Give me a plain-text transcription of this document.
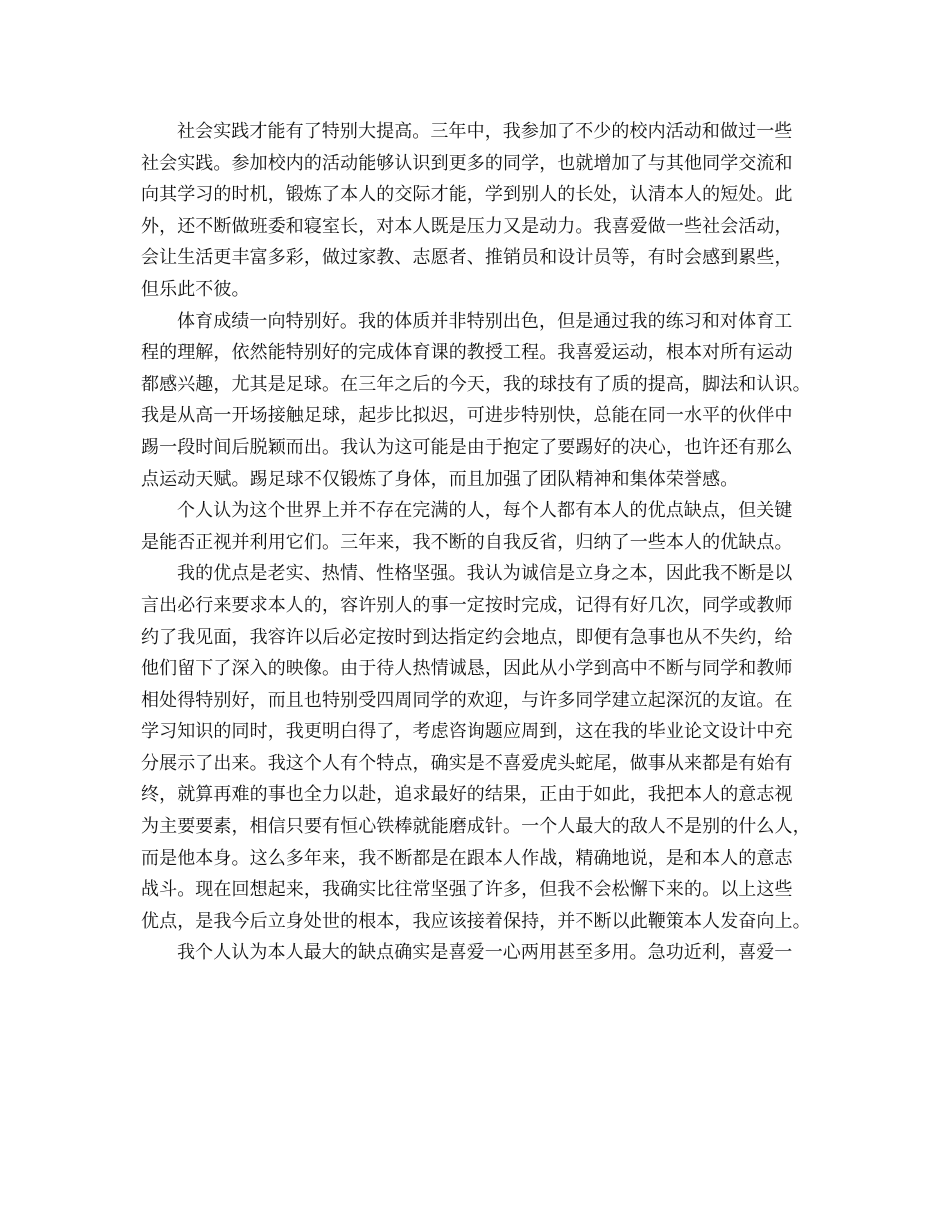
社会实践才能有了特别大提高。三年中，我参加了不少的校内活动和做过一些
社会实践。参加校内的活动能够认识到更多的同学，也就增加了与其他同学交流和
向其学习的时机，锻炼了本人的交际才能，学到别人的长处，认清本人的短处。此
外，还不断做班委和寝室长，对本人既是压力又是动力。我喜爱做一些社会活动，
会让生活更丰富多彩，做过家教、志愿者、推销员和设计员等，有时会感到累些，
但乐此不彼。
体育成绩一向特别好。我的体质并非特别出色，但是通过我的练习和对体育工
程的理解，依然能特别好的完成体育课的教授工程。我喜爱运动，根本对所有运动
都感兴趣，尤其是足球。在三年之后的今天，我的球技有了质的提高，脚法和认识。
我是从高一开场接触足球，起步比拟迟，可进步特别快，总能在同一水平的伙伴中
踢一段时间后脱颖而出。我认为这可能是由于抱定了要踢好的决心，也许还有那么
点运动天赋。踢足球不仅锻炼了身体，而且加强了团队精神和集体荣誉感。
个人认为这个世界上并不存在完满的人，每个人都有本人的优点缺点，但关键
是能否正视并利用它们。三年来，我不断的自我反省，归纳了一些本人的优缺点。
我的优点是老实、热情、性格坚强。我认为诚信是立身之本，因此我不断是以
言出必行来要求本人的，容许别人的事一定按时完成，记得有好几次，同学或教师
约了我见面，我容许以后必定按时到达指定约会地点，即便有急事也从不失约，给
他们留下了深入的映像。由于待人热情诚恳，因此从小学到高中不断与同学和教师
相处得特别好，而且也特别受四周同学的欢迎，与许多同学建立起深沉的友谊。在
学习知识的同时，我更明白得了，考虑咨询题应周到，这在我的毕业论文设计中充
分展示了出来。我这个人有个特点，确实是不喜爱虎头蛇尾，做事从来都是有始有
终，就算再难的事也全力以赴，追求最好的结果，正由于如此，我把本人的意志视
为主要要素，相信只要有恒心铁棒就能磨成针。一个人最大的敌人不是别的什么人，
而是他本身。这么多年来，我不断都是在跟本人作战，精确地说，是和本人的意志
战斗。现在回想起来，我确实比往常坚强了许多，但我不会松懈下来的。以上这些
优点，是我今后立身处世的根本，我应该接着保持，并不断以此鞭策本人发奋向上。
我个人认为本人最大的缺点确实是喜爱一心两用甚至多用。急功近利，喜爱一
